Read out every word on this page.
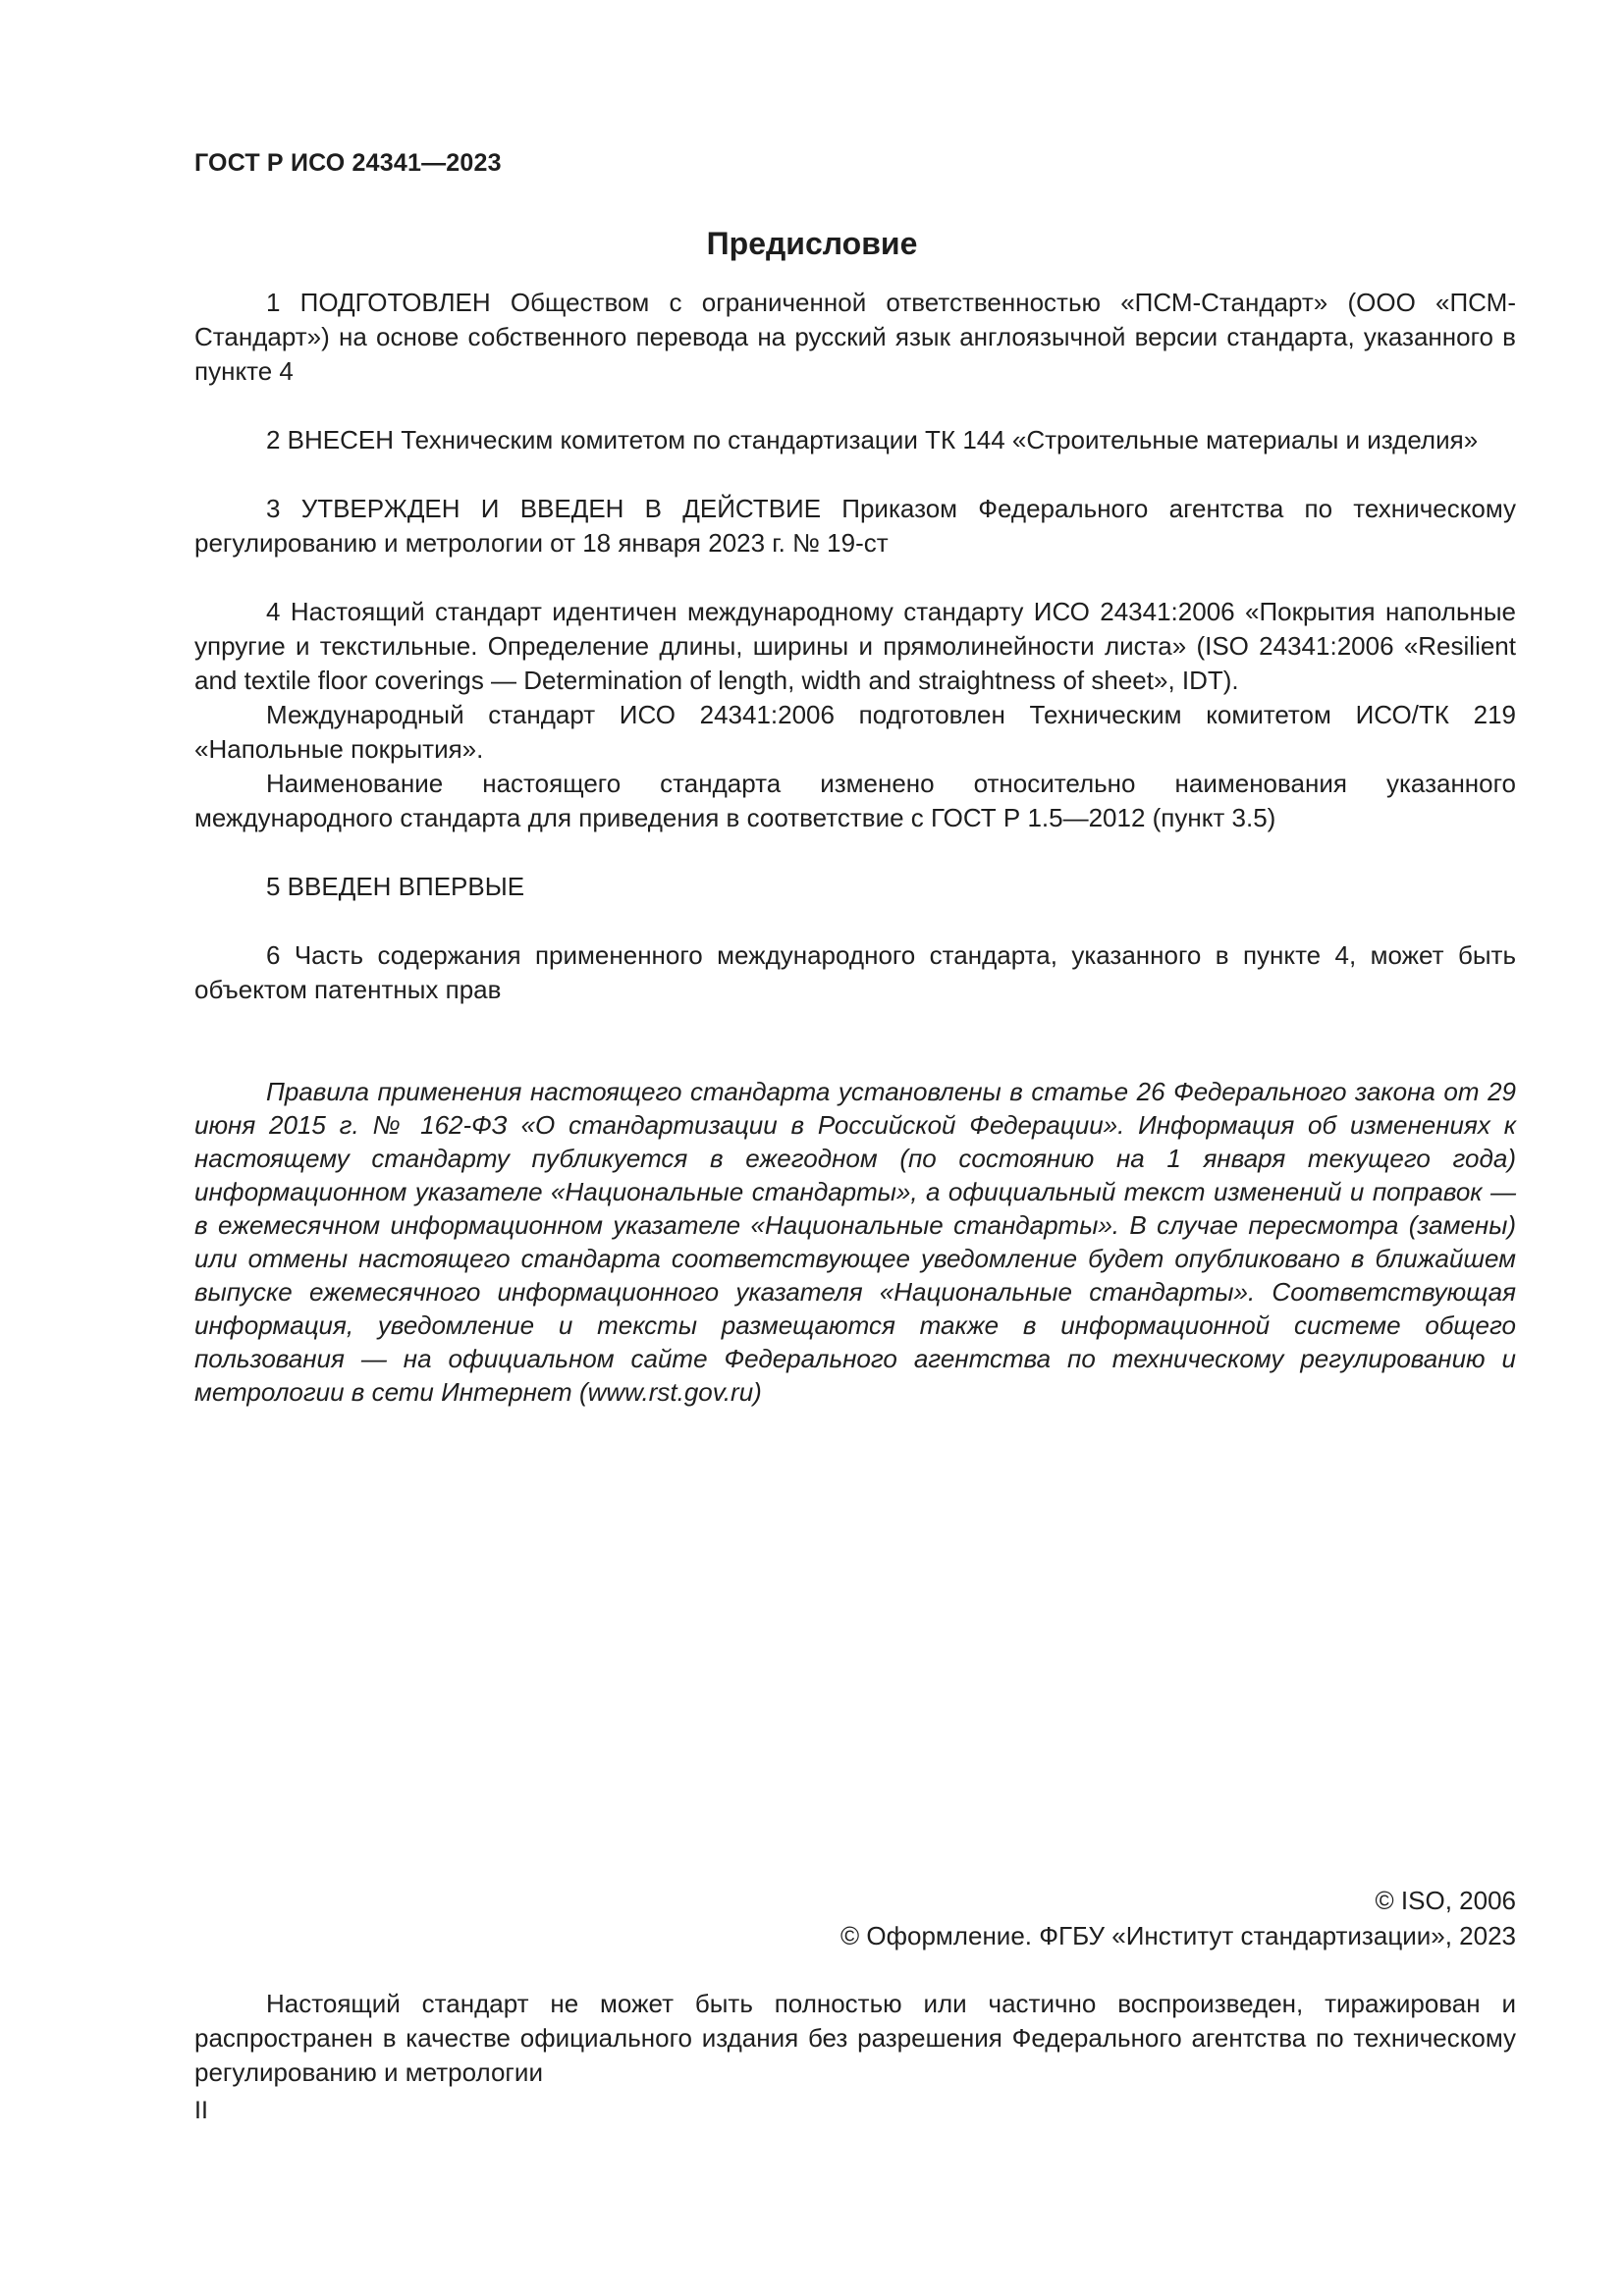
ГОСТ Р ИСО 24341—2023
Предисловие

1 ПОДГОТОВЛЕН Обществом с ограниченной ответственностью «ПСМ-Стандарт» (ООО «ПСМ-Стандарт») на основе собственного перевода на русский язык англоязычной версии стандарта, указанного в пункте 4

2 ВНЕСЕН Техническим комитетом по стандартизации ТК 144 «Строительные материалы и изделия»

3 УТВЕРЖДЕН И ВВЕДЕН В ДЕЙСТВИЕ Приказом Федерального агентства по техническому регулированию и метрологии от 18 января 2023 г. № 19-ст

4 Настоящий стандарт идентичен международному стандарту ИСО 24341:2006 «Покрытия напольные упругие и текстильные. Определение длины, ширины и прямолинейности листа» (ISO 24341:2006 «Resilient and textile floor coverings — Determination of length, width and straightness of sheet», IDT).

Международный стандарт ИСО 24341:2006 подготовлен Техническим комитетом ИСО/ТК 219 «Напольные покрытия».

Наименование настоящего стандарта изменено относительно наименования указанного международного стандарта для приведения в соответствие с ГОСТ Р 1.5—2012 (пункт 3.5)

5 ВВЕДЕН ВПЕРВЫЕ

6 Часть содержания примененного международного стандарта, указанного в пункте 4, может быть объектом патентных прав

Правила применения настоящего стандарта установлены в статье 26 Федерального закона от 29 июня 2015 г. № 162-ФЗ «О стандартизации в Российской Федерации». Информация об изменениях к настоящему стандарту публикуется в ежегодном (по состоянию на 1 января текущего года) информационном указателе «Национальные стандарты», а официальный текст изменений и поправок — в ежемесячном информационном указателе «Национальные стандарты». В случае пересмотра (замены) или отмены настоящего стандарта соответствующее уведомление будет опубликовано в ближайшем выпуске ежемесячного информационного указателя «Национальные стандарты». Соответствующая информация, уведомление и тексты размещаются также в информационной системе общего пользования — на официальном сайте Федерального агентства по техническому регулированию и метрологии в сети Интернет (www.rst.gov.ru)

© ISO, 2006
© Оформление. ФГБУ «Институт стандартизации», 2023

Настоящий стандарт не может быть полностью или частично воспроизведен, тиражирован и распространен в качестве официального издания без разрешения Федерального агентства по техническому регулированию и метрологии

II
